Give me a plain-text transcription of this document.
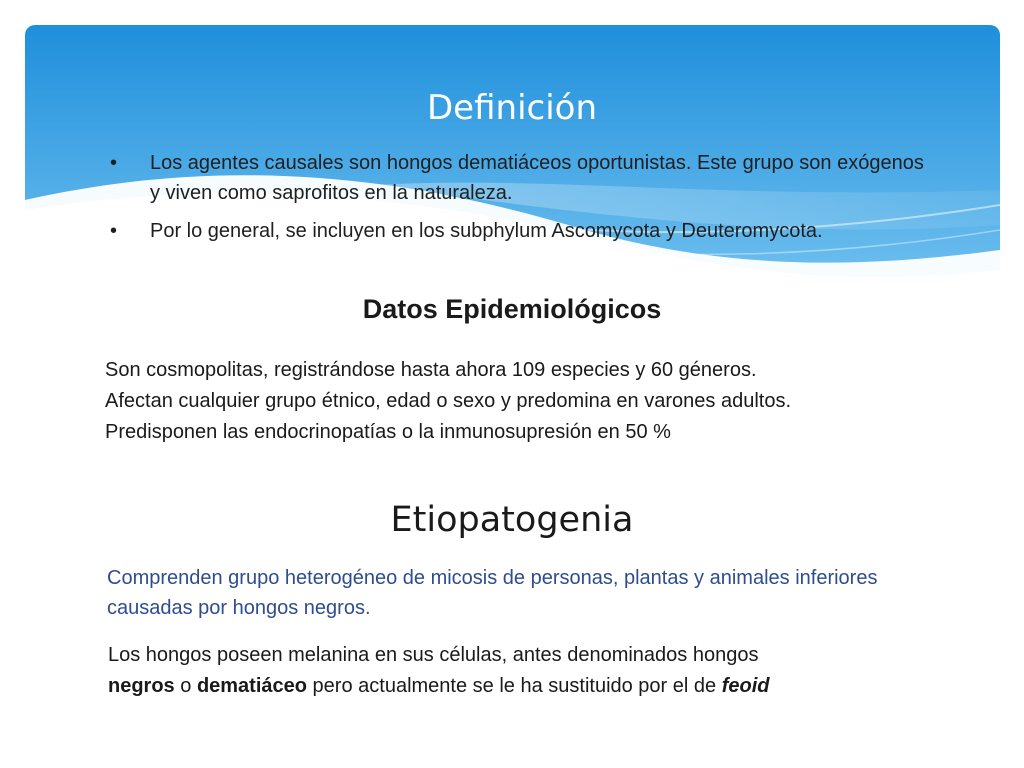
Definición
• Los agentes causales son hongos dematiáceos oportunistas. Este grupo son exógenos y viven como saprofitos en la naturaleza.
• Por lo general, se incluyen en los subphylum Ascomycota y Deuteromycota.
Datos Epidemiológicos

Son cosmopolitas, registrándose hasta ahora 109 especies y 60 géneros.

Afectan cualquier grupo étnico, edad o sexo y predomina en varones adultos.

Predisponen las endocrinopatías o la inmunosupresión en 50 %

Etiopatogenia
Comprenden grupo heterogéneo de micosis de personas, plantas y animales inferiores causadas por hongos negros.

Los hongos poseen melanina en sus células, antes denominados hongos

negros o dematiáceo pero actualmente se le ha sustituido por el de feoid
